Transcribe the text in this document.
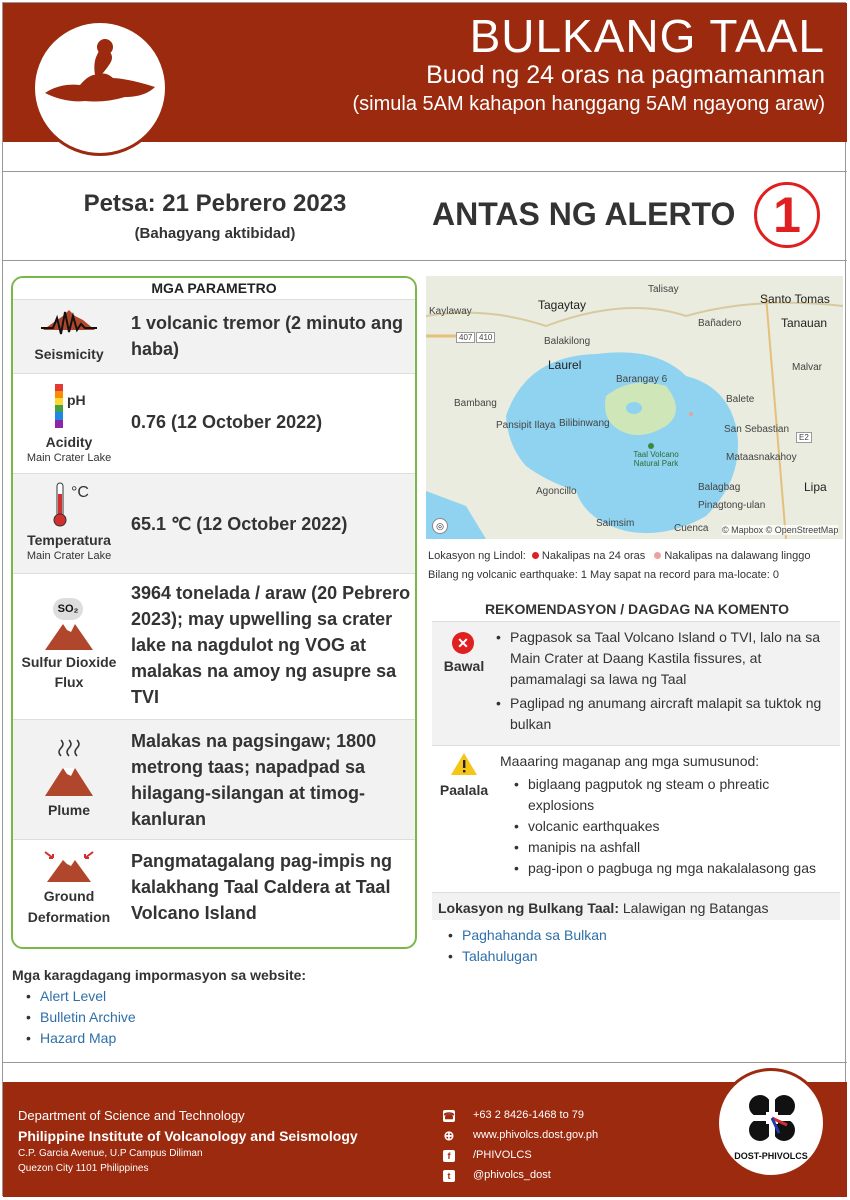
BULKANG TAAL
Buod ng 24 oras na pagmamanman
(simula 5AM kahapon hanggang 5AM ngayong araw)
Petsa: 21 Pebrero 2023
(Bahagyang aktibidad)
ANTAS NG ALERTO 1
MGA PARAMETRO
Seismicity
1 volcanic tremor (2 minuto ang haba)
pH
Acidity
Main Crater Lake
0.76 (12 October 2022)
°C
Temperatura
Main Crater Lake
65.1 ℃ (12 October 2022)
SO₂
Sulfur Dioxide Flux
3964 tonelada / araw (20 Pebrero 2023); may upwelling sa crater lake na nagdulot ng VOG at malakas na amoy ng asupre sa TVI
Plume
Malakas na pagsingaw; 1800 metrong taas; napadpad sa hilagang-silangan at timog-kanluran
Ground Deformation
Pangmatagalang pag-impis ng kalakhang Taal Caldera at Taal Volcano Island
Tagaytay
Talisay
Santo Tomas
Tanauan
Kaylaway
Balakilong
Laurel
Bañadero
Malvar
Barangay 6
Balete
Bambang
Bilibinwang
Pansipit Ilaya	San Sebastian
Taal Volcano Natural Park
Mataasnakahoy
Lipa
Agoncillo
Saimsim	Cuenca
Pinagtong-ulan
Balagbag
407 410
E2
◎	© Mapbox © OpenStreetMap
Lokasyon ng Lindol: Nakalipas na 24 oras Nakalipas na dalawang linggo
Bilang ng volcanic earthquake: 1 May sapat na record para ma-locate: 0
REKOMENDASYON / DAGDAG NA KOMENTO
✕
Bawal
• Pagpasok sa Taal Volcano Island o TVI, lalo na sa Main Crater at Daang Kastila fissures, at pamamalagi sa lawa ng Taal
• Paglipad ng anumang aircraft malapit sa tuktok ng bulkan
Paalala
Maaaring maganap ang mga sumusunod:
• biglaang pagputok ng steam o phreatic explosions
• volcanic earthquakes
• manipis na ashfall
• pag-ipon o pagbuga ng mga nakalalasong gas
Lokasyon ng Bulkang Taal: Lalawigan ng Batangas
• Paghahanda sa Bulkan
• Talahulugan
Mga karagdagang impormasyon sa website:
• Alert Level
• Bulletin Archive
• Hazard Map
Department of Science and Technology
Philippine Institute of Volcanology and Seismology
C.P. Garcia Avenue, U.P Campus Diliman
Quezon City 1101 Philippines
☎ +63 2 8426-1468 to 79
⊕ www.phivolcs.dost.gov.ph
f	/PHIVOLCS
t	@phivolcs_dost
DOST-PHIVOLCS
